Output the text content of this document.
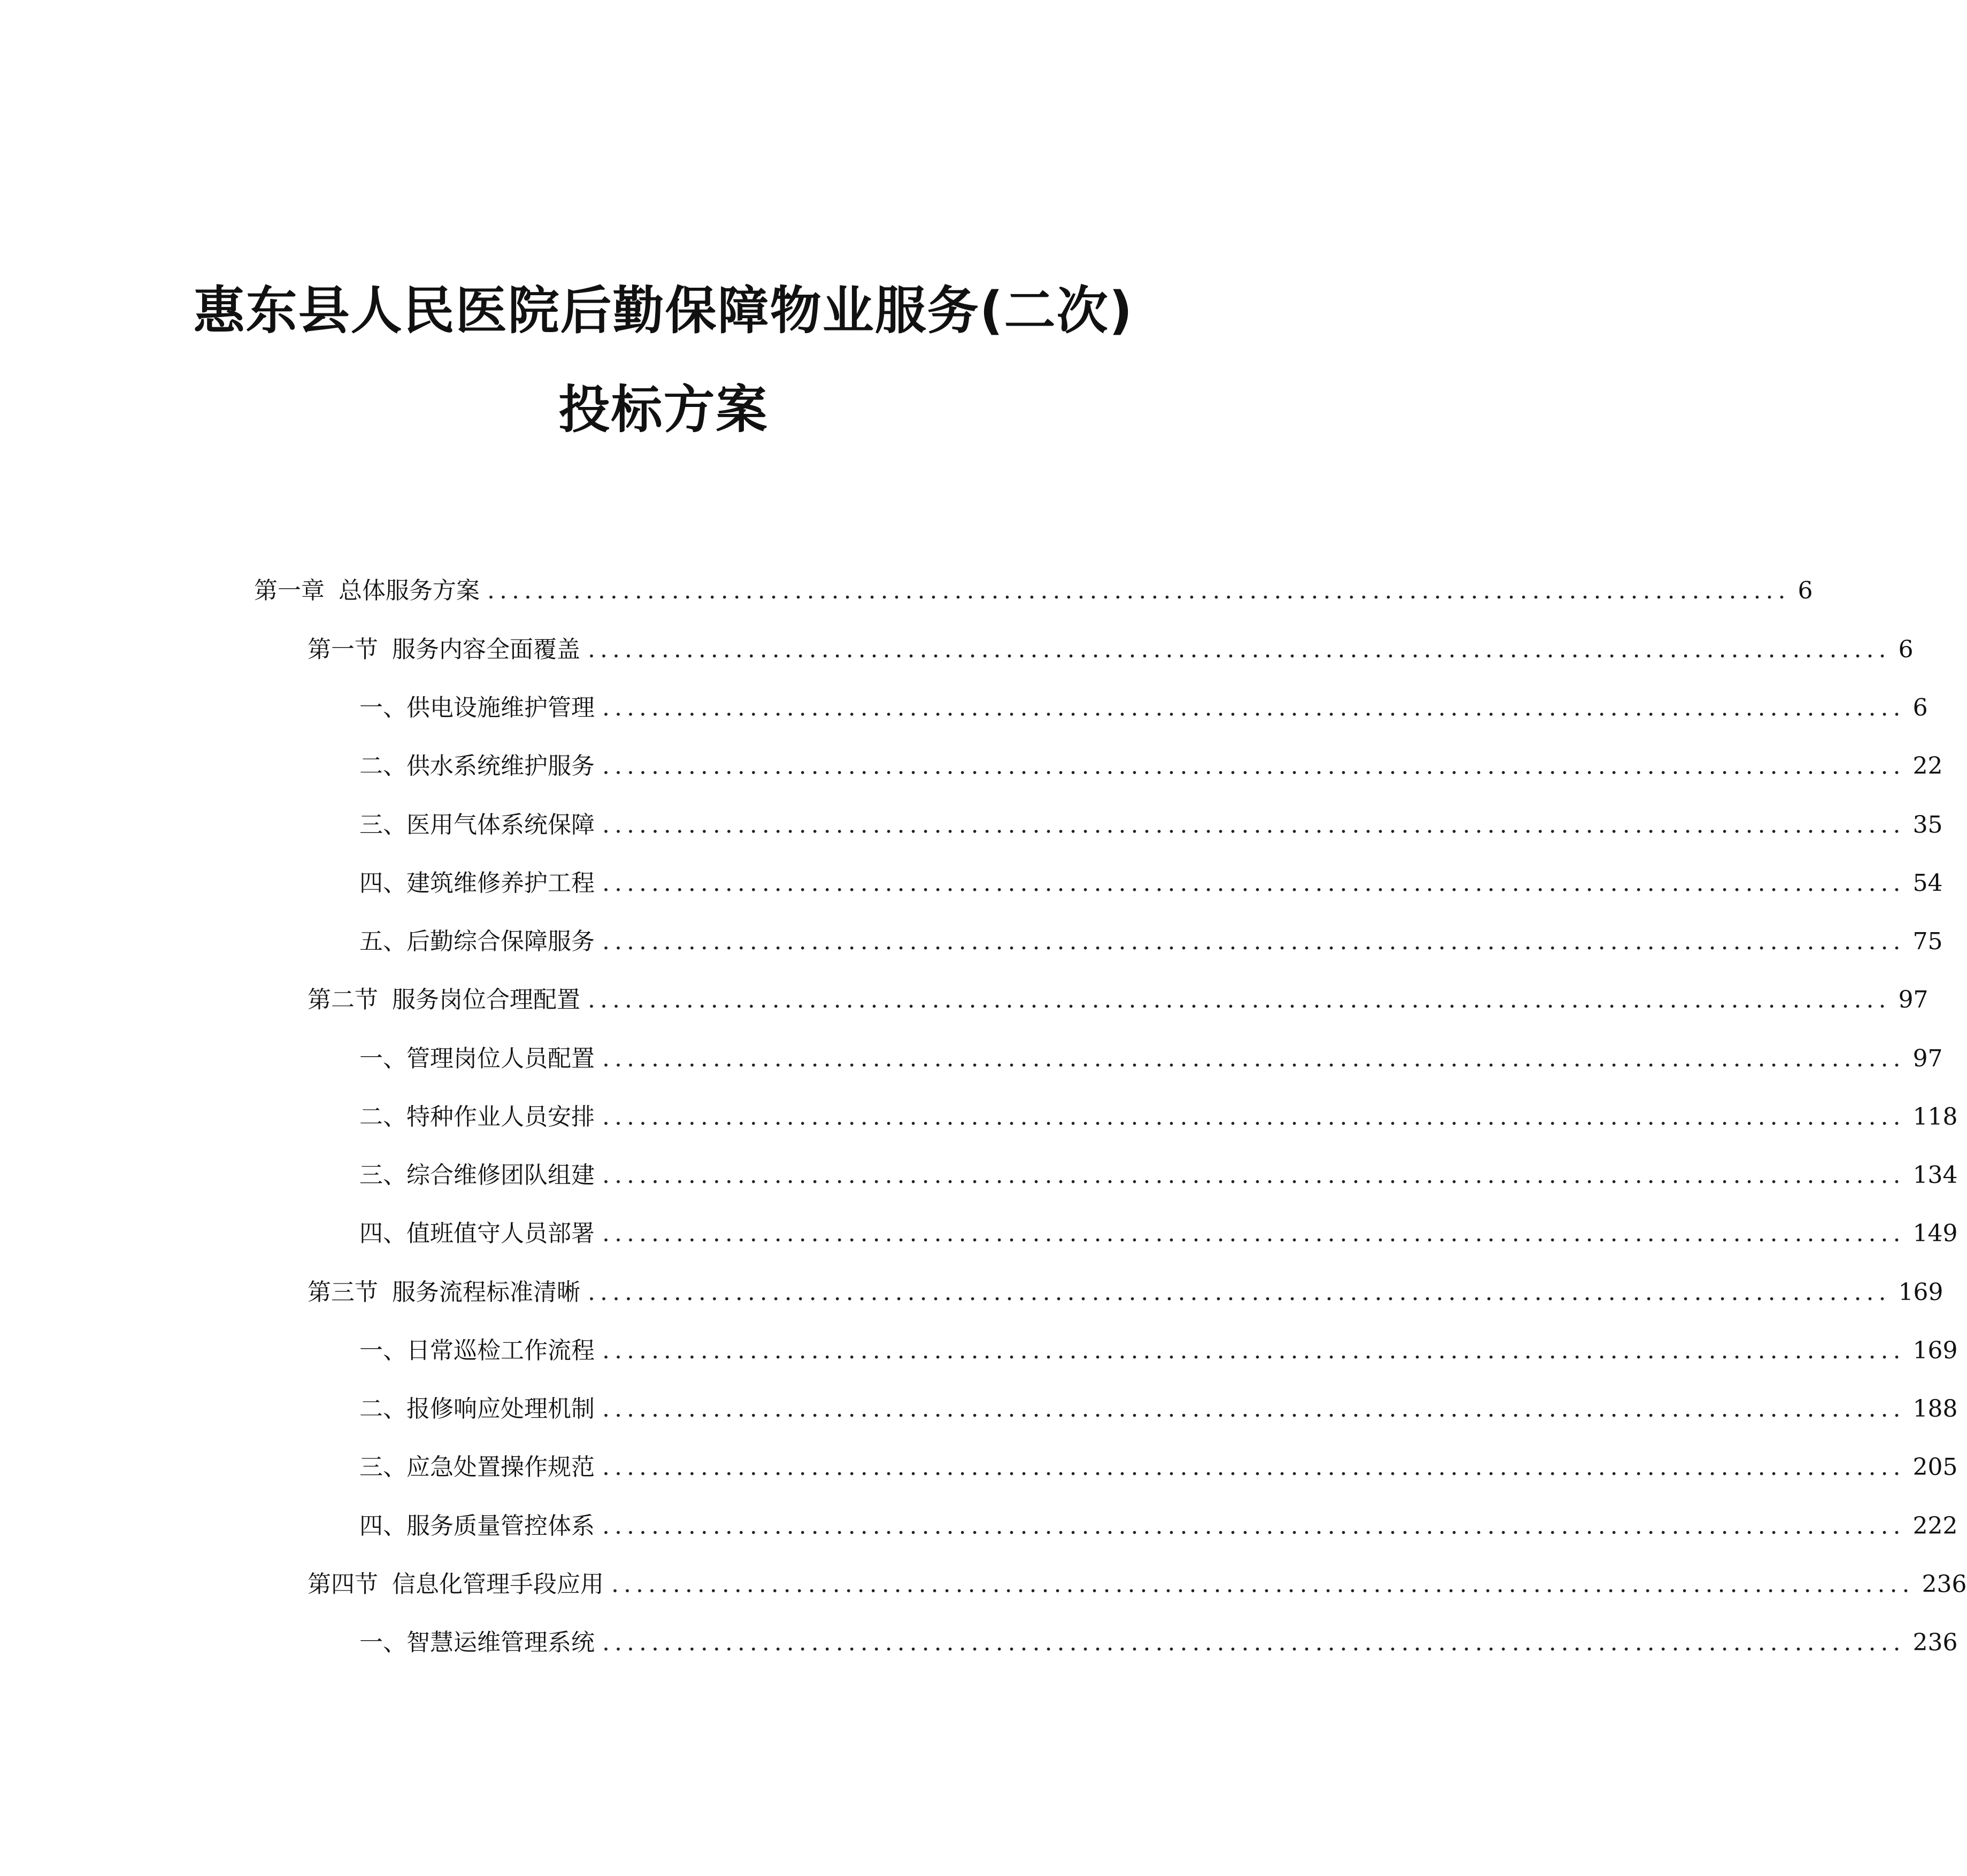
惠东县人民医院后勤保障物业服务(二次)
投标方案
第一章 总体服务方案 .......................................................................................................... 6
第一节 服务内容全面覆盖 .......................................................................................................... 6
一、 供电设施维护管理 .......................................................................................................... 6
二、 供水系统维护服务 .......................................................................................................... 22
三、 医用气体系统保障 .......................................................................................................... 35
四、 建筑维修养护工程 .......................................................................................................... 54
五、 后勤综合保障服务 .......................................................................................................... 75
第二节 服务岗位合理配置 .......................................................................................................... 97
一、 管理岗位人员配置 .......................................................................................................... 97
二、 特种作业人员安排 .......................................................................................................... 118
三、 综合维修团队组建 .......................................................................................................... 134
四、 值班值守人员部署 .......................................................................................................... 149
第三节 服务流程标准清晰 .......................................................................................................... 169
一、 日常巡检工作流程 .......................................................................................................... 169
二、 报修响应处理机制 .......................................................................................................... 188
三、 应急处置操作规范 .......................................................................................................... 205
四、 服务质量管控体系 .......................................................................................................... 222
第四节 信息化管理手段应用 .......................................................................................................... 236
一、 智慧运维管理系统 .......................................................................................................... 236
